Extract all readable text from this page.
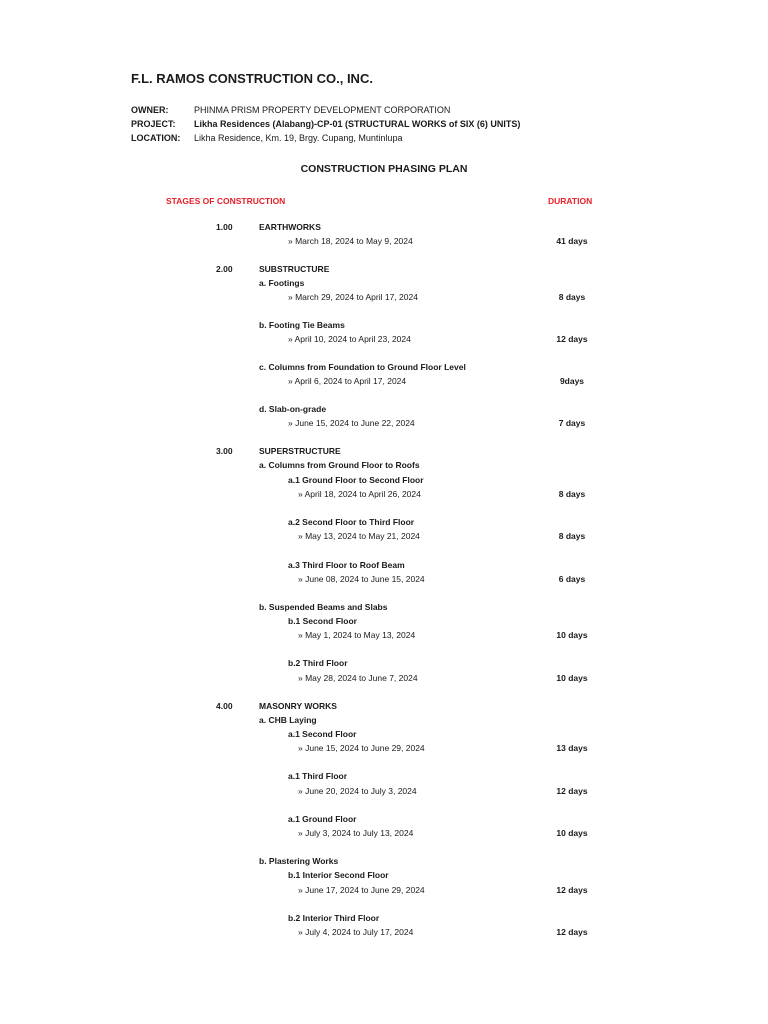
F.L. RAMOS CONSTRUCTION CO., INC.
OWNER:	PHINMA PRISM PROPERTY DEVELOPMENT CORPORATION
PROJECT: Likha Residences (Alabang)-CP-01 (STRUCTURAL WORKS of SIX (6) UNITS)
LOCATION: Likha Residence, Km. 19, Brgy. Cupang, Muntinlupa
CONSTRUCTION PHASING PLAN
STAGES OF CONSTRUCTION	DURATION
1.00	EARTHWORKS
» March 18, 2024 to May 9, 2024	41 days
2.00	SUBSTRUCTURE
a. Footings
» March 29, 2024 to April 17, 2024	8 days
b. Footing Tie Beams
» April 10, 2024 to April 23, 2024	12 days
c. Columns from Foundation to Ground Floor Level
» April 6, 2024 to April 17, 2024	9days
d. Slab-on-grade
» June 15, 2024 to June 22, 2024	7 days
3.00	SUPERSTRUCTURE
a. Columns from Ground Floor to Roofs
a.1 Ground Floor to Second Floor
» April 18, 2024 to April 26, 2024	8 days
a.2 Second Floor to Third Floor
» May 13, 2024 to May 21, 2024	8 days
a.3 Third Floor to Roof Beam
» June 08, 2024 to June 15, 2024	6 days
b. Suspended Beams and Slabs
b.1 Second Floor
» May 1, 2024 to May 13, 2024	10 days
b.2 Third Floor
» May 28, 2024 to June 7, 2024	10 days
4.00	MASONRY WORKS
a. CHB Laying
a.1 Second Floor
» June 15, 2024 to June 29, 2024	13 days
a.1 Third Floor
» June 20, 2024 to July 3, 2024	12 days
a.1 Ground Floor
» July 3, 2024 to July 13, 2024	10 days
b. Plastering Works
b.1 Interior Second Floor
» June 17, 2024 to June 29, 2024	12 days
b.2 Interior Third Floor
» July 4, 2024 to July 17, 2024	12 days
